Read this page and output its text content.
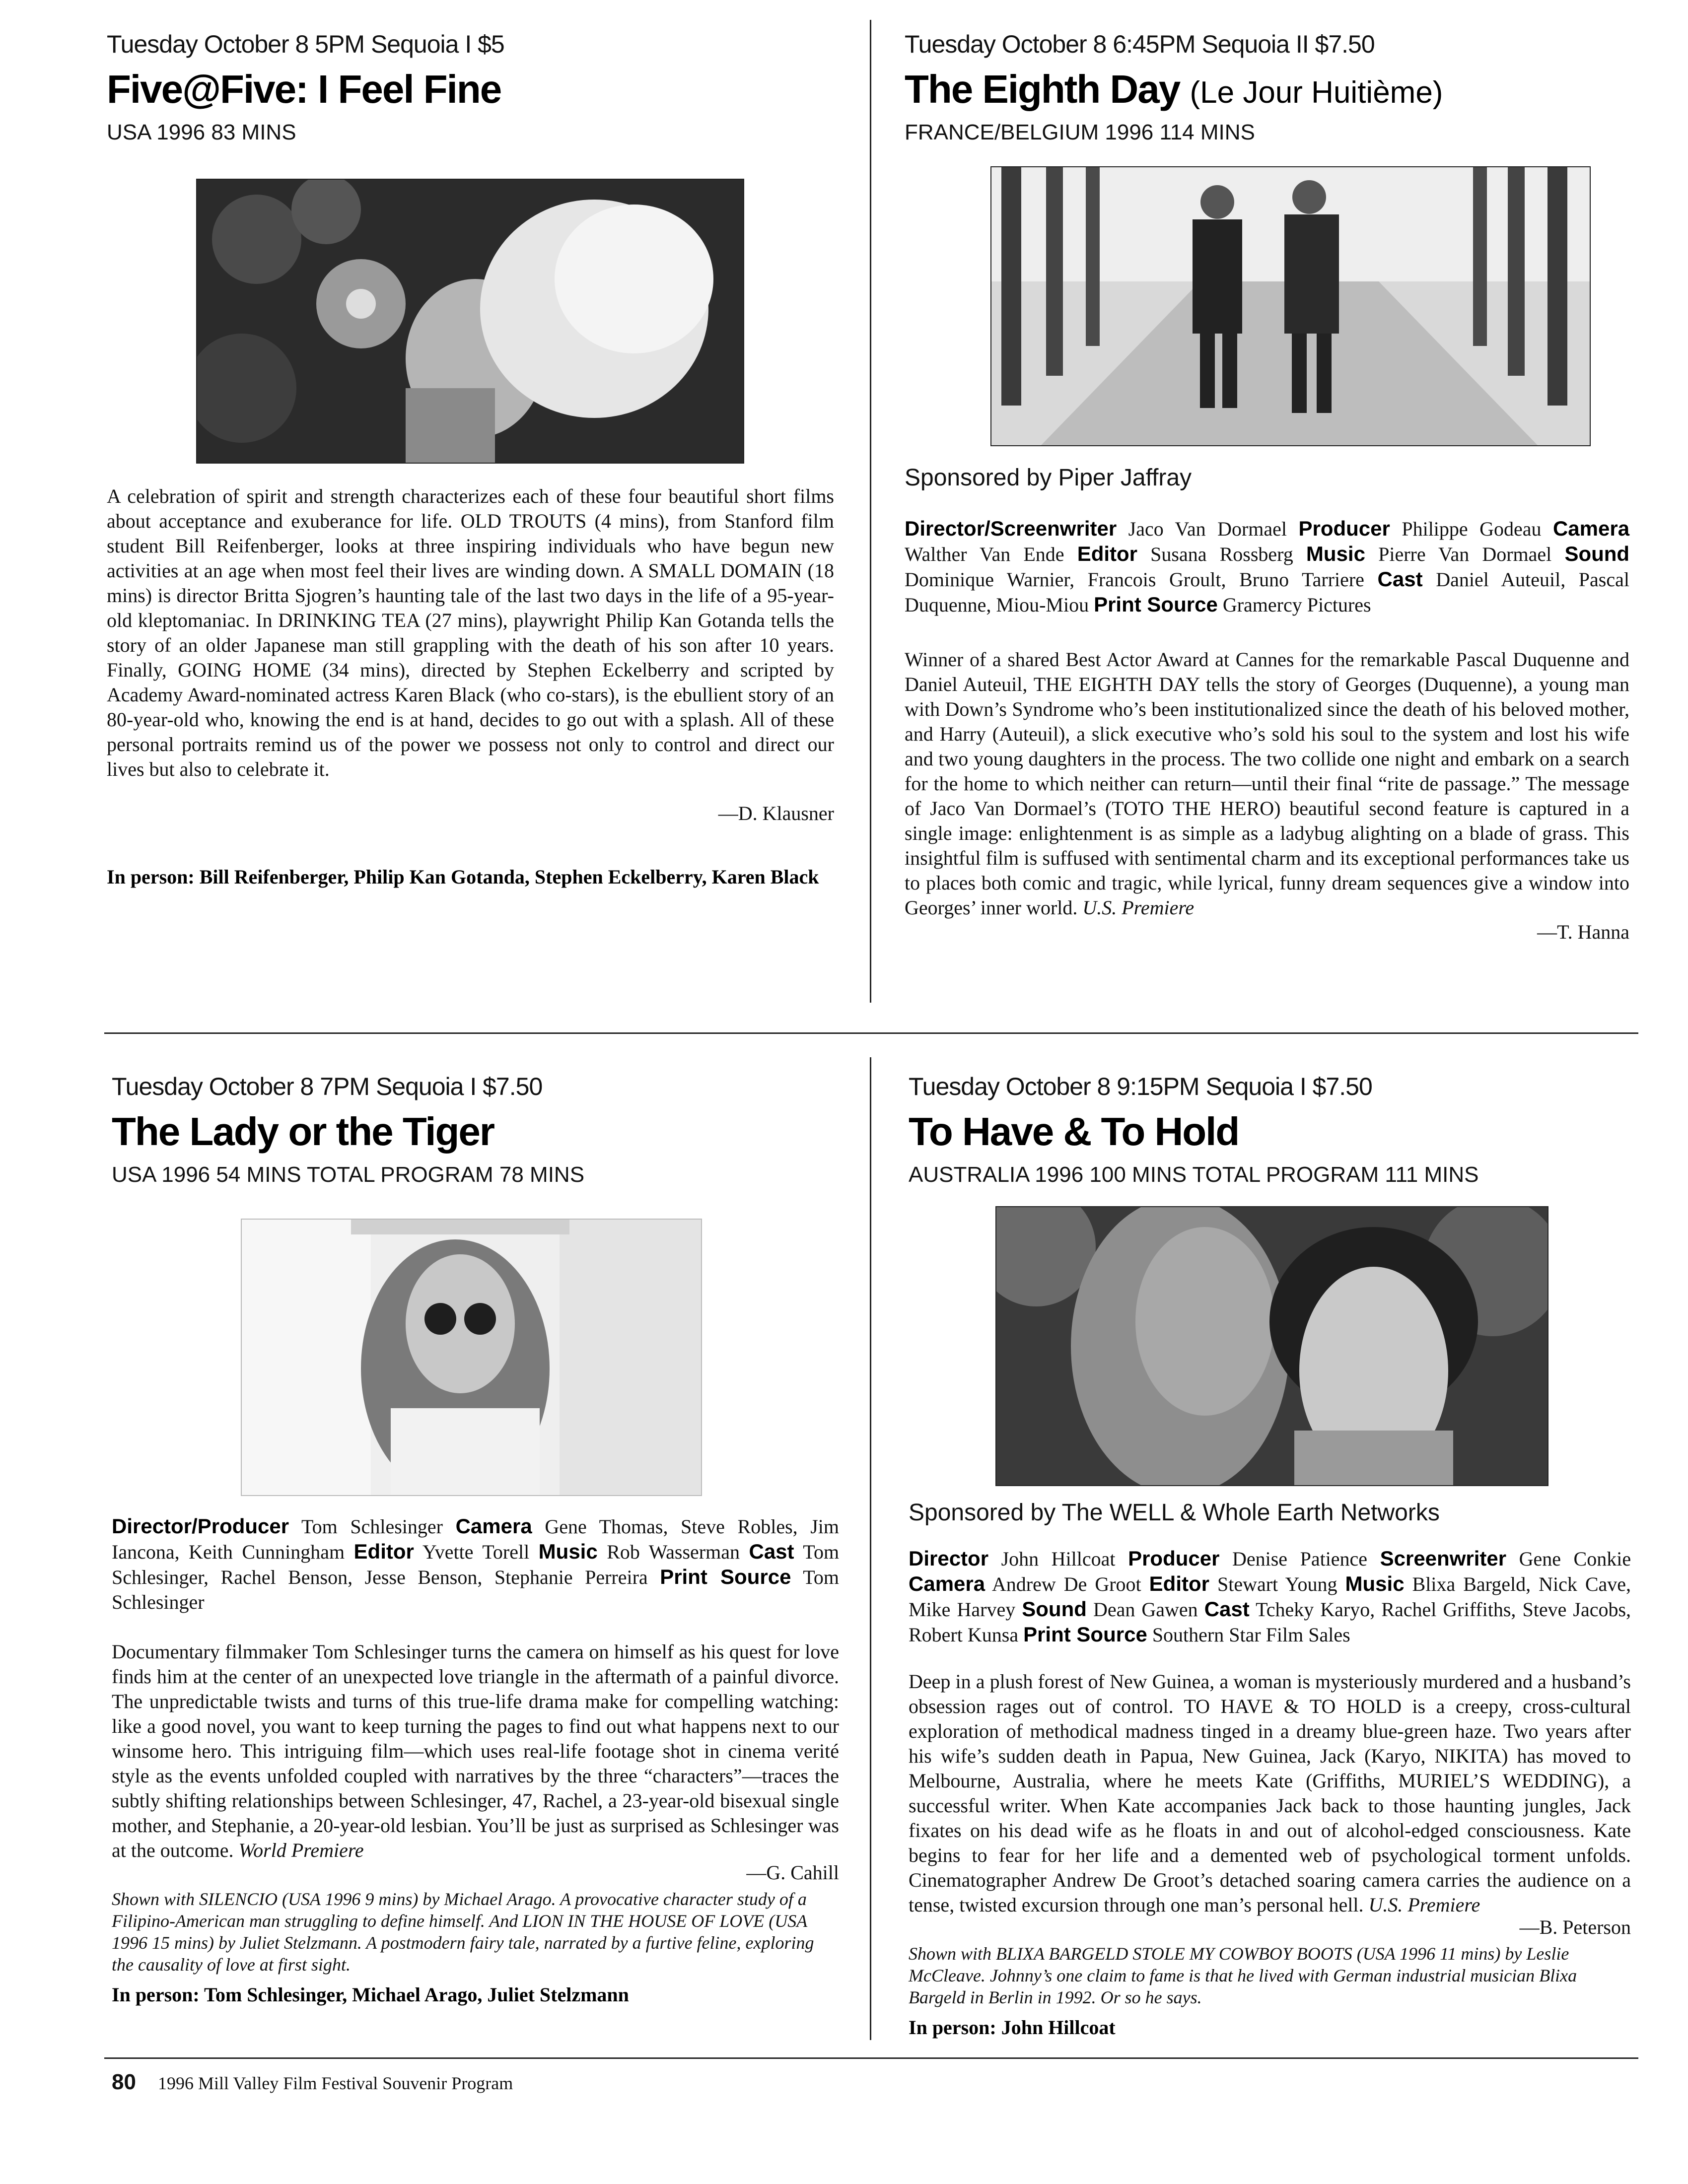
Tuesday October 8 5PM Sequoia I $5
Five@Five: I Feel Fine
USA 1996 83 MINS

A celebration of spirit and strength characterizes each of these four beautiful short films about acceptance and exuberance for life. OLD TROUTS (4 mins), from Stanford film student Bill Reifenberger, looks at three inspiring individuals who have begun new activities at an age when most feel their lives are winding down. A SMALL DOMAIN (18 mins) is director Britta Sjogren’s haunting tale of the last two days in the life of a 95-year-old kleptomaniac. In DRINKING TEA (27 mins), playwright Philip Kan Gotanda tells the story of an older Japanese man still grappling with the death of his son after 10 years. Finally, GOING HOME (34 mins), directed by Stephen Eckelberry and scripted by Academy Award-nominated actress Karen Black (who co-stars), is the ebullient story of an 80-year-old who, knowing the end is at hand, decides to go out with a splash. All of these personal portraits remind us of the power we possess not only to control and direct our lives but also to celebrate it.

—D. Klausner

In person: Bill Reifenberger, Philip Kan Gotanda, Stephen Eckelberry, Karen Black

Tuesday October 8 6:45PM Sequoia II $7.50
The Eighth Day (Le Jour Huitième)
FRANCE/BELGIUM 1996 114 MINS
Sponsored by Piper Jaffray

Director/Screenwriter Jaco Van Dormael Producer Philippe Godeau Camera Walther Van Ende Editor Susana Rossberg Music Pierre Van Dormael Sound Dominique Warnier, Francois Groult, Bruno Tarriere Cast Daniel Auteuil, Pascal Duquenne, Miou-Miou Print Source Gramercy Pictures

Winner of a shared Best Actor Award at Cannes for the remarkable Pascal Duquenne and Daniel Auteuil, THE EIGHTH DAY tells the story of Georges (Duquenne), a young man with Down’s Syndrome who’s been institutionalized since the death of his beloved mother, and Harry (Auteuil), a slick executive who’s sold his soul to the system and lost his wife and two young daughters in the process. The two collide one night and embark on a search for the home to which neither can return—until their final “rite de passage.” The message of Jaco Van Dormael’s (TOTO THE HERO) beautiful second feature is captured in a single image: enlightenment is as simple as a ladybug alighting on a blade of grass. This insightful film is suffused with sentimental charm and its exceptional performances take us to places both comic and tragic, while lyrical, funny dream sequences give a window into Georges’ inner world. U.S. Premiere

—T. Hanna
Tuesday October 8 7PM Sequoia I $7.50
The Lady or the Tiger
USA 1996 54 MINS TOTAL PROGRAM 78 MINS

Director/Producer Tom Schlesinger Camera Gene Thomas, Steve Robles, Jim Iancona, Keith Cunningham Editor Yvette Torell Music Rob Wasserman Cast Tom Schlesinger, Rachel Benson, Jesse Benson, Stephanie Perreira Print Source Tom Schlesinger

Documentary filmmaker Tom Schlesinger turns the camera on himself as his quest for love finds him at the center of an unexpected love triangle in the aftermath of a painful divorce. The unpredictable twists and turns of this true-life drama make for compelling watching: like a good novel, you want to keep turning the pages to find out what happens next to our winsome hero. This intriguing film—which uses real-life footage shot in cinema verité style as the events unfolded coupled with narratives by the three “characters”—traces the subtly shifting relationships between Schlesinger, 47, Rachel, a 23-year-old bisexual single mother, and Stephanie, a 20-year-old lesbian. You’ll be just as surprised as Schlesinger was at the outcome. World Premiere

—G. Cahill

Shown with SILENCIO (USA 1996 9 mins) by Michael Arago. A provocative character study of a Filipino-American man struggling to define himself. And LION IN THE HOUSE OF LOVE (USA 1996 15 mins) by Juliet Stelzmann. A postmodern fairy tale, narrated by a furtive feline, exploring the causality of love at first sight.

In person: Tom Schlesinger, Michael Arago, Juliet Stelzmann

Tuesday October 8 9:15PM Sequoia I $7.50
To Have & To Hold
AUSTRALIA 1996 100 MINS TOTAL PROGRAM 111 MINS
Sponsored by The WELL & Whole Earth Networks

Director John Hillcoat Producer Denise Patience Screenwriter Gene Conkie Camera Andrew De Groot Editor Stewart Young Music Blixa Bargeld, Nick Cave, Mike Harvey Sound Dean Gawen Cast Tcheky Karyo, Rachel Griffiths, Steve Jacobs, Robert Kunsa Print Source Southern Star Film Sales

Deep in a plush forest of New Guinea, a woman is mysteriously murdered and a husband’s obsession rages out of control. TO HAVE & TO HOLD is a creepy, cross-cultural exploration of methodical madness tinged in a dreamy blue-green haze. Two years after his wife’s sudden death in Papua, New Guinea, Jack (Karyo, NIKITA) has moved to Melbourne, Australia, where he meets Kate (Griffiths, MURIEL’S WEDDING), a successful writer. When Kate accompanies Jack back to those haunting jungles, Jack fixates on his dead wife as he floats in and out of alcohol-edged consciousness. Kate begins to fear for her life and a demented web of psychological torment unfolds. Cinematographer Andrew De Groot’s detached soaring camera carries the audience on a tense, twisted excursion through one man’s personal hell. U.S. Premiere

—B. Peterson

Shown with BLIXA BARGELD STOLE MY COWBOY BOOTS (USA 1996 11 mins) by Leslie McCleave. Johnny’s one claim to fame is that he lived with German industrial musician Blixa Bargeld in Berlin in 1992. Or so he says.

In person: John Hillcoat

80 1996 Mill Valley Film Festival Souvenir Program
